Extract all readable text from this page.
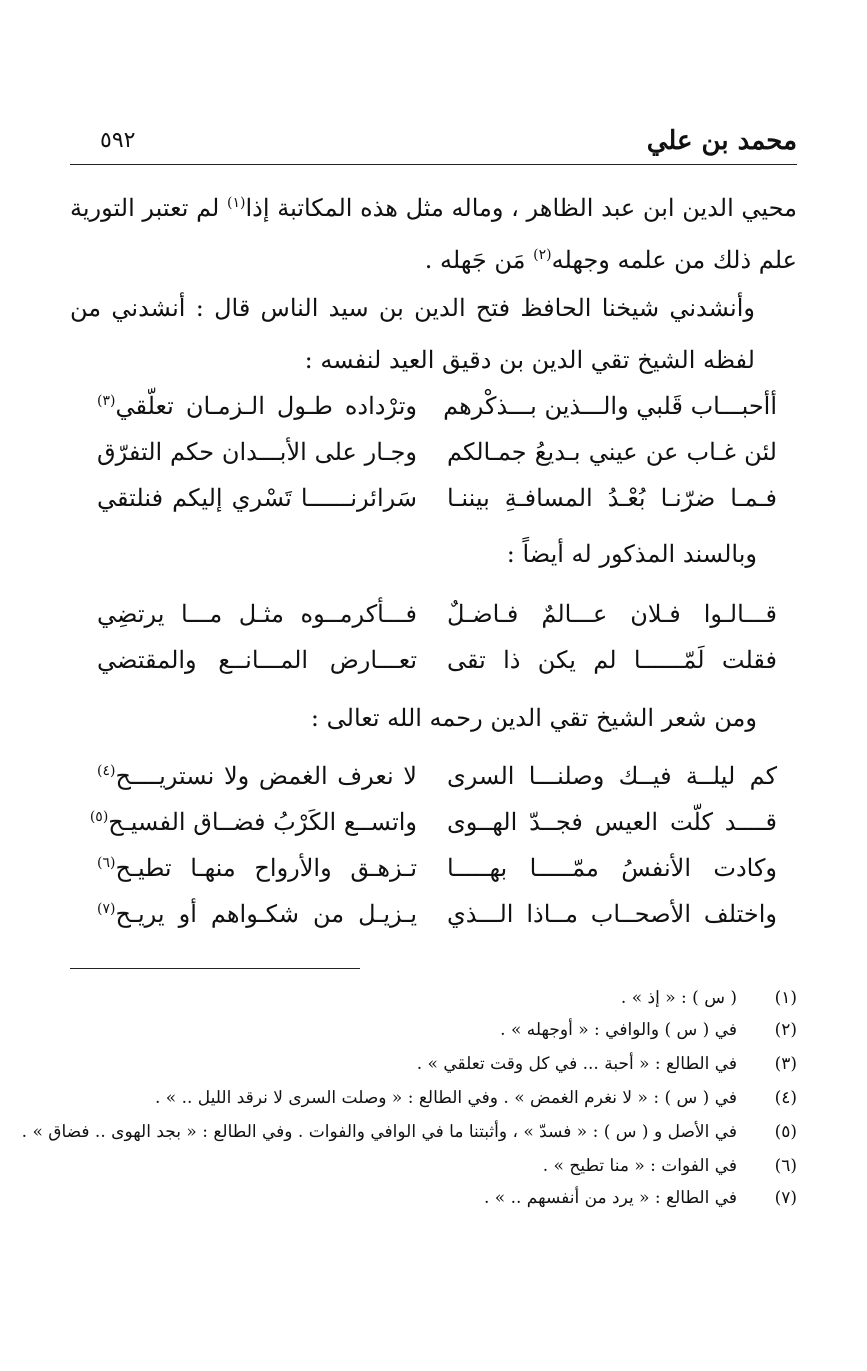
محمد بن علي
٥٩٢
محيي الدين ابن عبد الظاهر ، وماله مثل هذه المكاتبة إذا$^{(١)}$ لم تعتبر التورية علم ذلك من علمه وجهله$^{(٢)}$ مَن جَهله .
وأنشدني شيخنا الحافظ فتح الدين بن سيد الناس قال : أنشدني من لفظه الشيخ تقي الدين بن دقيق العيد لنفسه :
أأحبـــاب قَلبي والـــذين بـــذكْرهم
وترْداده طـول الـزمـان تعلّقي$^{(٣)}$
لئن غـاب عن عيني بـديعُ جمـالكم
وجـار على الأبـــدان حكم التفرّق
فـمـا ضرّنـا بُعْـدُ المسافـةِ بيننـا
سَرائرنــــــا تَسْري إليكم فنلتقي
وبالسند المذكور له أيضاً :
قـــالـوا فـلان عـــالمٌ فـاضـلٌ
فـــأكرمــوه مثـل مـــا يرتضِي
فقلت لَمّــــــا لم يكن ذا تقى
تعـــارض المـــانــع والمقتضي
ومن شعر الشيخ تقي الدين رحمه الله تعالى :
كم ليلــة فيــك وصلنـــا السرى
لا نعرف الغمض ولا نستريــــح$^{(٤)}$
قــــد كلّت العيس فجــدّ الهــوى
واتســع الكَرْبُ فضــاق الفسيـح$^{(٥)}$
وكادت الأنفسُ ممّـــــا بهـــــا
تـزهـق والأرواح منهـا تطيـح$^{(٦)}$
واختلف الأصحــاب مــاذا الـــذي
يـزيـل من شكـواهم أو يريـح$^{(٧)}$
(١)
( س ) : « إذ » .
(٢)
في ( س ) والوافي : « أوجهله » .
(٣)
في الطالع : « أحبة ... في كل وقت تعلقي » .
(٤)
في ( س ) : « لا نغرم الغمض » . وفي الطالع : « وصلت السرى لا نرقد الليل .. » .
(٥)
في الأصل و ( س ) : « فسدّ » ، وأثبتنا ما في الوافي والفوات . وفي الطالع : « بجد الهوى .. فضاق » .
(٦)
في الفوات : « منا تطيح » .
(٧)
في الطالع : « يرد من أنفسهم .. » .
